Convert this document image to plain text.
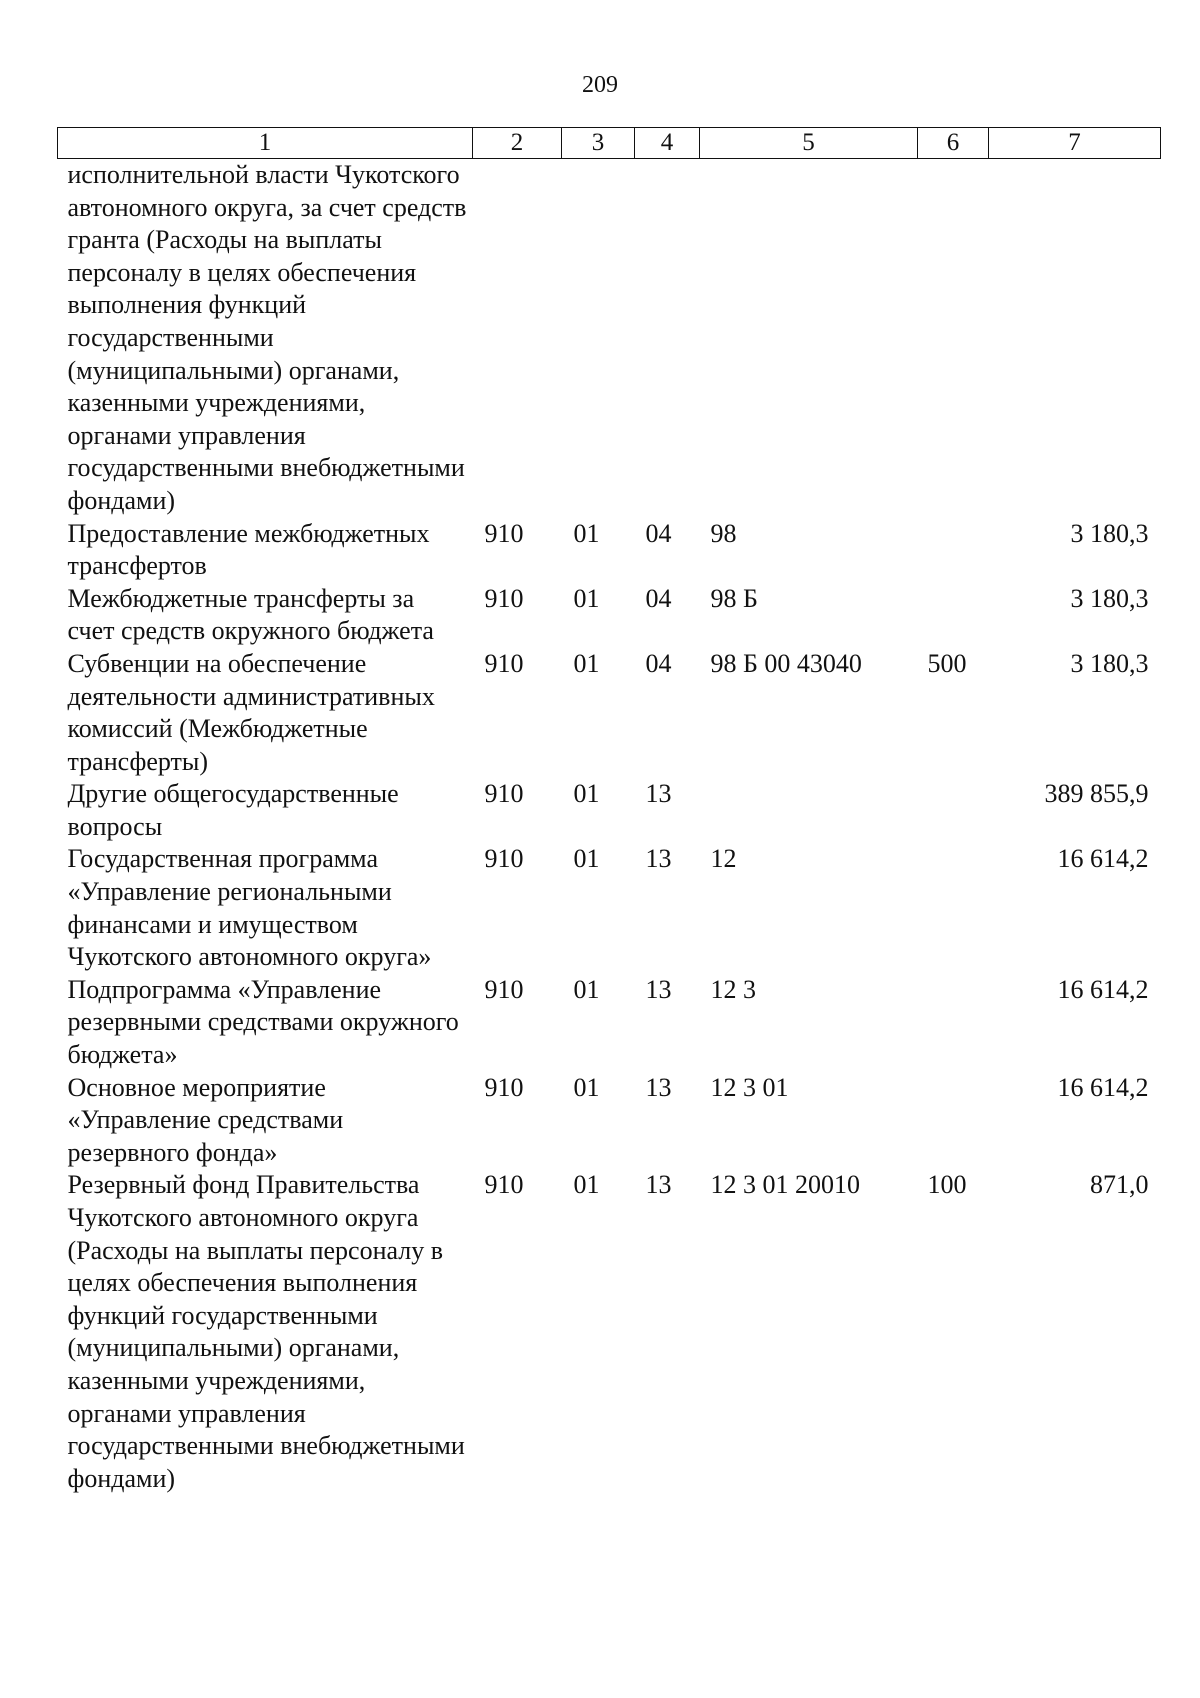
209
1	2	3	4	5	6	7
исполнительной власти Чукотского автономного округа, за счет средств гранта (Расходы на выплаты персоналу в целях обеспечения выполнения функций государственными (муниципальными) органами, казенными учреждениями, органами управления государственными внебюджетными фондами)						
Предоставление межбюджетных трансфертов	910	01	04	98		3 180,3
Межбюджетные трансферты за счет средств окружного бюджета	910	01	04	98 Б		3 180,3
Субвенции на обеспечение деятельности административных комиссий (Межбюджетные трансферты)	910	01	04	98 Б 00 43040	500	3 180,3
Другие общегосударственные вопросы	910	01	13			389 855,9
Государственная программа «Управление региональными финансами и имуществом Чукотского автономного округа»	910	01	13	12		16 614,2
Подпрограмма «Управление резервными средствами окружного бюджета»	910	01	13	12 3		16 614,2
Основное мероприятие «Управление средствами резервного фонда»	910	01	13	12 3 01		16 614,2
Резервный фонд Правительства Чукотского автономного округа (Расходы на выплаты персоналу в целях обеспечения выполнения функций государственными (муниципальными) органами, казенными учреждениями, органами управления государственными внебюджетными фондами)	910	01	13	12 3 01 20010	100	871,0
